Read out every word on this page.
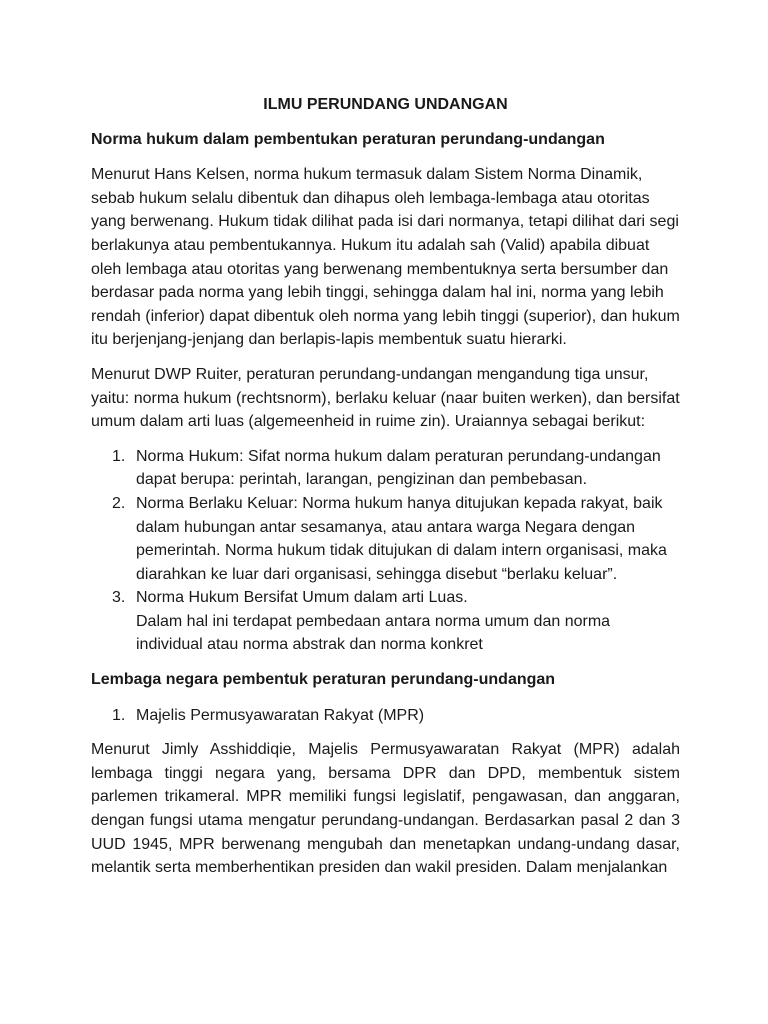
ILMU PERUNDANG UNDANGAN
Norma hukum dalam pembentukan peraturan perundang-undangan

Menurut Hans Kelsen, norma hukum termasuk dalam Sistem Norma Dinamik, sebab hukum selalu dibentuk dan dihapus oleh lembaga-lembaga atau otoritas yang berwenang. Hukum tidak dilihat pada isi dari normanya, tetapi dilihat dari segi berlakunya atau pembentukannya. Hukum itu adalah sah (Valid) apabila dibuat oleh lembaga atau otoritas yang berwenang membentuknya serta bersumber dan berdasar pada norma yang lebih tinggi, sehingga dalam hal ini, norma yang lebih rendah (inferior) dapat dibentuk oleh norma yang lebih tinggi (superior), dan hukum itu berjenjang-jenjang dan berlapis-lapis membentuk suatu hierarki.

Menurut DWP Ruiter, peraturan perundang-undangan mengandung tiga unsur, yaitu: norma hukum (rechtsnorm), berlaku keluar (naar buiten werken), dan bersifat umum dalam arti luas (algemeenheid in ruime zin). Uraiannya sebagai berikut:

1. Norma Hukum: Sifat norma hukum dalam peraturan perundang-undangan dapat berupa: perintah, larangan, pengizinan dan pembebasan.
2. Norma Berlaku Keluar: Norma hukum hanya ditujukan kepada rakyat, baik dalam hubungan antar sesamanya, atau antara warga Negara dengan pemerintah. Norma hukum tidak ditujukan di dalam intern organisasi, maka diarahkan ke luar dari organisasi, sehingga disebut “berlaku keluar”.
3. Norma Hukum Bersifat Umum dalam arti Luas.
Dalam hal ini terdapat pembedaan antara norma umum dan norma individual atau norma abstrak dan norma konkret
Lembaga negara pembentuk peraturan perundang-undangan
1. Majelis Permusyawaratan Rakyat (MPR)

Menurut Jimly Asshiddiqie, Majelis Permusyawaratan Rakyat (MPR) adalah lembaga tinggi negara yang, bersama DPR dan DPD, membentuk sistem parlemen trikameral. MPR memiliki fungsi legislatif, pengawasan, dan anggaran, dengan fungsi utama mengatur perundang-undangan. Berdasarkan pasal 2 dan 3 UUD 1945, MPR berwenang mengubah dan menetapkan undang-undang dasar, melantik serta memberhentikan presiden dan wakil presiden. Dalam menjalankan
